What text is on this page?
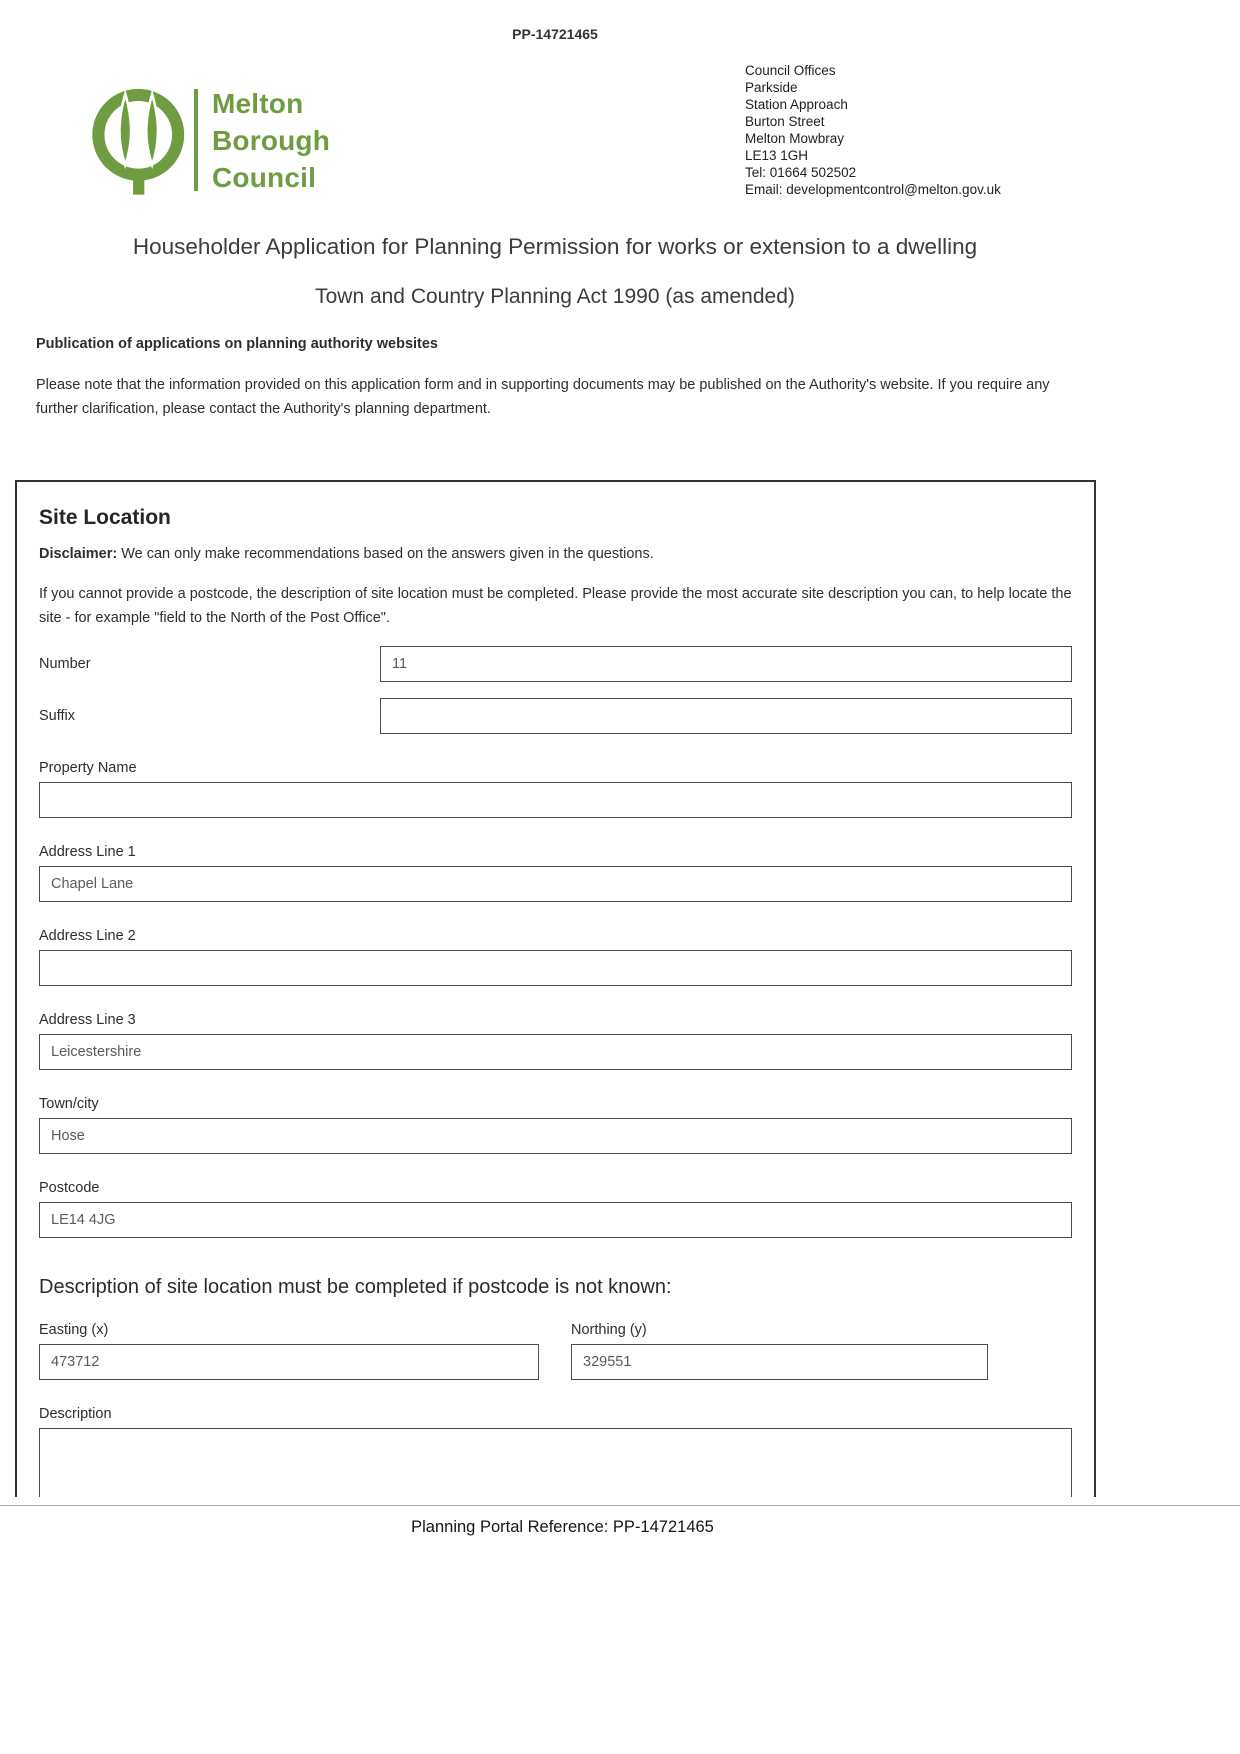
PP-14721465
Melton
Borough
Council
Council Offices
Parkside
Station Approach
Burton Street
Melton Mowbray
LE13 1GH
Tel: 01664 502502
Email: developmentcontrol@melton.gov.uk
Householder Application for Planning Permission for works or extension to a dwelling
Town and Country Planning Act 1990 (as amended)

Publication of applications on planning authority websites

Please note that the information provided on this application form and in supporting documents may be published on the Authority's website. If you require any further clarification, please contact the Authority's planning department.

Site Location

Disclaimer: We can only make recommendations based on the answers given in the questions.

If you cannot provide a postcode, the description of site location must be completed. Please provide the most accurate site description you can, to help locate the site - for example "field to the North of the Post Office".

Number
11
Suffix
Property Name
Address Line 1
Chapel Lane
Address Line 2
Address Line 3
Leicestershire
Town/city
Hose
Postcode
LE14 4JG
Description of site location must be completed if postcode is not known:
Easting (x)
473712	Northing (y)
329551
Description
Planning Portal Reference: PP-14721465
